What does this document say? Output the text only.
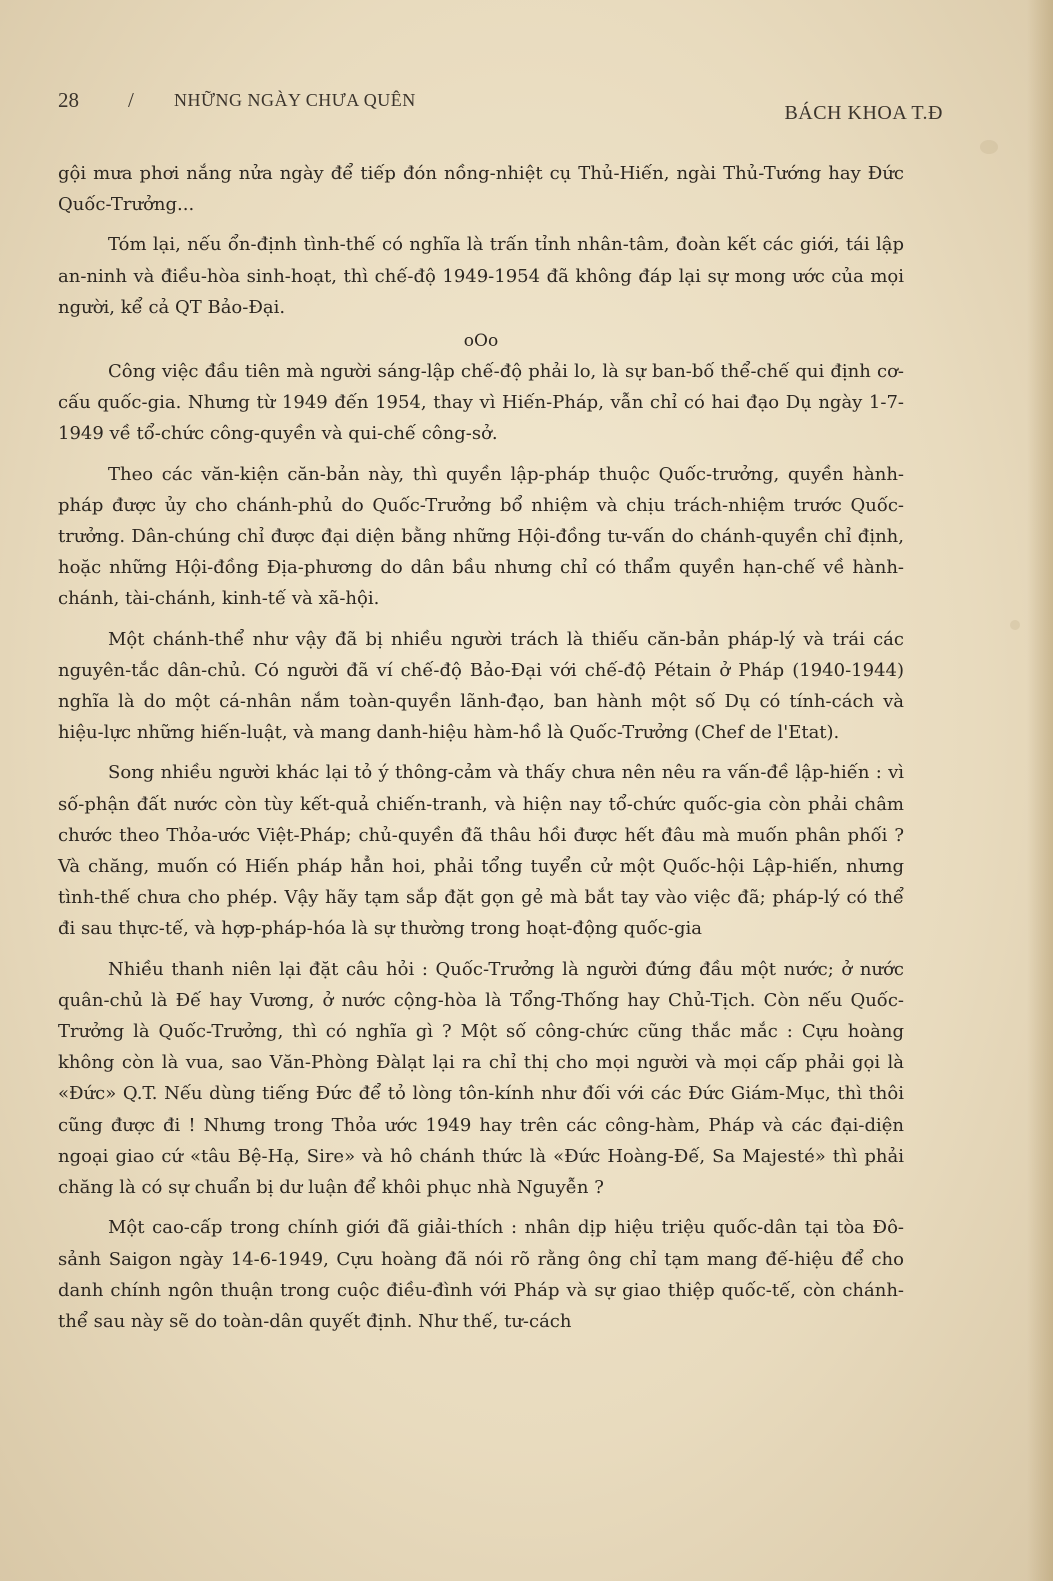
28 / NHỮNG NGÀY CHƯA QUÊN
BÁCH KHOA T.Đ

gội mưa phơi nắng nửa ngày để tiếp đón nồng-nhiệt cụ Thủ-Hiến, ngài Thủ-Tướng hay Đức Quốc-Trưởng...

Tóm lại, nếu ổn-định tình-thế có nghĩa là trấn tỉnh nhân-tâm, đoàn kết các giới, tái lập an-ninh và điều-hòa sinh-hoạt, thì chế-độ 1949-1954 đã không đáp lại sự mong ước của mọi người, kể cả QT Bảo-Đại.

oOo

Công việc đầu tiên mà người sáng-lập chế-độ phải lo, là sự ban-bố thể-chế qui định cơ-cấu quốc-gia. Nhưng từ 1949 đến 1954, thay vì Hiến-Pháp, vẫn chỉ có hai đạo Dụ ngày 1-7-1949 về tổ-chức công-quyền và qui-chế công-sở.

Theo các văn-kiện căn-bản này, thì quyền lập-pháp thuộc Quốc-trưởng, quyền hành-pháp được ủy cho chánh-phủ do Quốc-Trưởng bổ nhiệm và chịu trách-nhiệm trước Quốc-trưởng. Dân-chúng chỉ được đại diện bằng những Hội-đồng tư-vấn do chánh-quyền chỉ định, hoặc những Hội-đồng Địa-phương do dân bầu nhưng chỉ có thẩm quyền hạn-chế về hành-chánh, tài-chánh, kinh-tế và xã-hội.

Một chánh-thể như vậy đã bị nhiều người trách là thiếu căn-bản pháp-lý và trái các nguyên-tắc dân-chủ. Có người đã ví chế-độ Bảo-Đại với chế-độ Pétain ở Pháp (1940-1944) nghĩa là do một cá-nhân nắm toàn-quyền lãnh-đạo, ban hành một số Dụ có tính-cách và hiệu-lực những hiến-luật, và mang danh-hiệu hàm-hồ là Quốc-Trưởng (Chef de l'Etat).

Song nhiều người khác lại tỏ ý thông-cảm và thấy chưa nên nêu ra vấn-đề lập-hiến : vì số-phận đất nước còn tùy kết-quả chiến-tranh, và hiện nay tổ-chức quốc-gia còn phải châm chước theo Thỏa-ước Việt-Pháp; chủ-quyền đã thâu hồi được hết đâu mà muốn phân phối ? Và chăng, muốn có Hiến pháp hẳn hoi, phải tổng tuyển cử một Quốc-hội Lập-hiến, nhưng tình-thế chưa cho phép. Vậy hãy tạm sắp đặt gọn gẻ mà bắt tay vào việc đã; pháp-lý có thể đi sau thực-tế, và hợp-pháp-hóa là sự thường trong hoạt-động quốc-gia

Nhiều thanh niên lại đặt câu hỏi : Quốc-Trưởng là người đứng đầu một nước; ở nước quân-chủ là Đế hay Vương, ở nước cộng-hòa là Tổng-Thống hay Chủ-Tịch. Còn nếu Quốc-Trưởng là Quốc-Trưởng, thì có nghĩa gì ? Một số công-chức cũng thắc mắc : Cựu hoàng không còn là vua, sao Văn-Phòng Đàlạt lại ra chỉ thị cho mọi người và mọi cấp phải gọi là «Đức» Q.T. Nếu dùng tiếng Đức để tỏ lòng tôn-kính như đối với các Đức Giám-Mục, thì thôi cũng được đi ! Nhưng trong Thỏa ước 1949 hay trên các công-hàm, Pháp và các đại-diện ngoại giao cứ «tâu Bệ-Hạ, Sire» và hô chánh thức là «Đức Hoàng-Đế, Sa Majesté» thì phải chăng là có sự chuẩn bị dư luận để khôi phục nhà Nguyễn ?

Một cao-cấp trong chính giới đã giải-thích : nhân dịp hiệu triệu quốc-dân tại tòa Đô-sảnh Saigon ngày 14-6-1949, Cựu hoàng đã nói rõ rằng ông chỉ tạm mang đế-hiệu để cho danh chính ngôn thuận trong cuộc điều-đình với Pháp và sự giao thiệp quốc-tế, còn chánh-thể sau này sẽ do toàn-dân quyết định. Như thế, tư-cách
